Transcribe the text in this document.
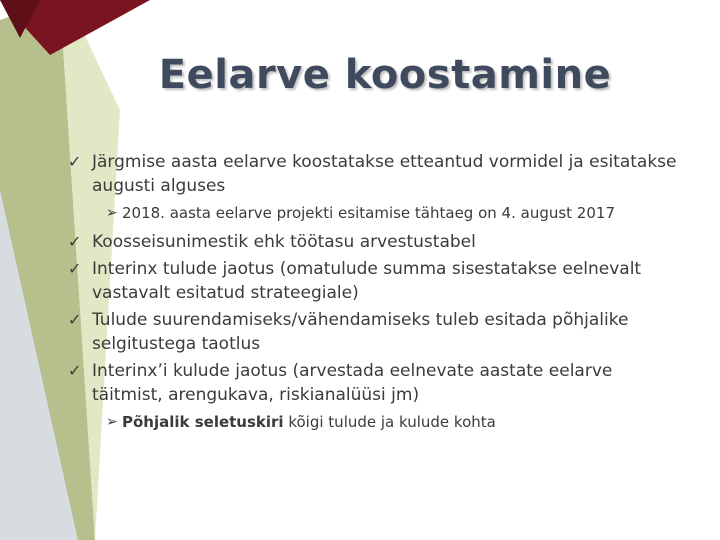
Eelarve koostamine
✓ Järgmise aasta eelarve koostatakse etteantud vormidel ja esitatakse augusti alguses
➢ 2018. aasta eelarve projekti esitamise tähtaeg on 4. august 2017
✓ Koosseisunimestik ehk töötasu arvestustabel
✓ Interinx tulude jaotus (omatulude summa sisestatakse eelnevalt vastavalt esitatud strateegiale)
✓ Tulude suurendamiseks/vähendamiseks tuleb esitada põhjalike selgitustega taotlus
✓ Interinx’i kulude jaotus (arvestada eelnevate aastate eelarve täitmist, arengukava, riskianalüüsi jm)
➢ Põhjalik seletuskiri kõigi tulude ja kulude kohta
